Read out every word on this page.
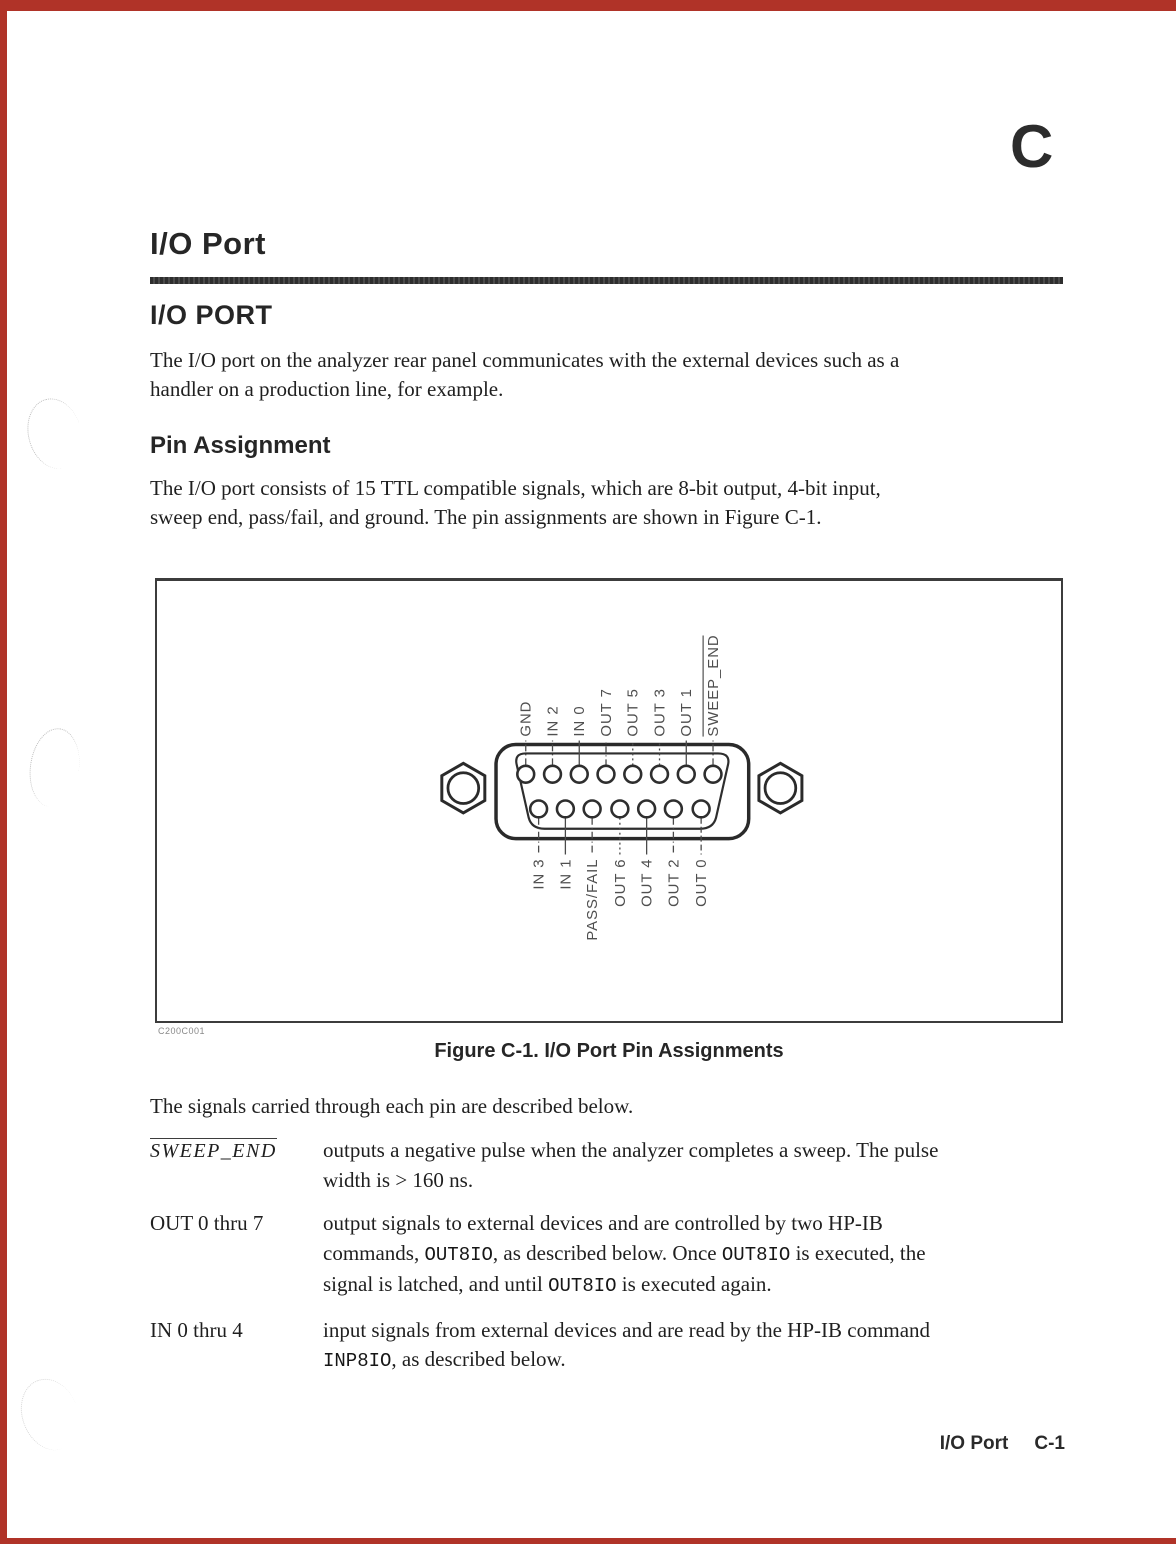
C
I/O Port
I/O PORT
The I/O port on the analyzer rear panel communicates with the external devices such as a
handler on a production line, for example.
Pin Assignment
The I/O port consists of 15 TTL compatible signals, which are 8-bit output, 4-bit input,
sweep end, pass/fail, and ground. The pin assignments are shown in Figure C-1.
GND IN 2 IN 0 OUT 7 OUT 5 OUT 3 OUT 1 SWEEP_END
IN 3 IN 1 PASS/FAIL OUT 6 OUT 4 OUT 2 OUT 0
C200C001
Figure C-1. I/O Port Pin Assignments
The signals carried through each pin are described below.
SWEEP_END	outputs a negative pulse when the analyzer completes a sweep. The pulse
width is > 160 ns.
OUT 0 thru 7	output signals to external devices and are controlled by two HP-IB
commands, OUT8IO, as described below. Once OUT8IO is executed, the
signal is latched, and until OUT8IO is executed again.
IN 0 thru 4	input signals from external devices and are read by the HP-IB command
INP8IO, as described below.
I/O Port C-1
